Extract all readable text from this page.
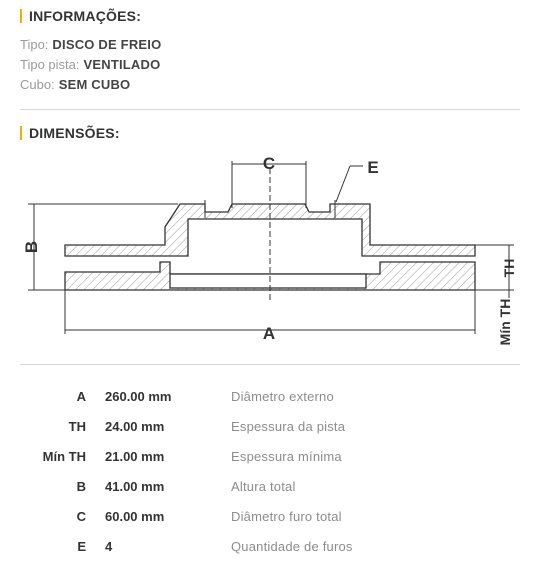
INFORMAÇÕES:
Tipo: DISCO DE FREIO
Tipo pista: VENTILADO
Cubo: SEM CUBO
DIMENSÕES:
C	E
B
A
TH
Mín TH
A 260.00 mm	Diâmetro externo
TH 24.00 mm	Espessura da pista
Mín TH 21.00 mm	Espessura mínima
B 41.00 mm	Altura total
C 60.00 mm	Diâmetro furo total
E 4	Quantidade de furos
